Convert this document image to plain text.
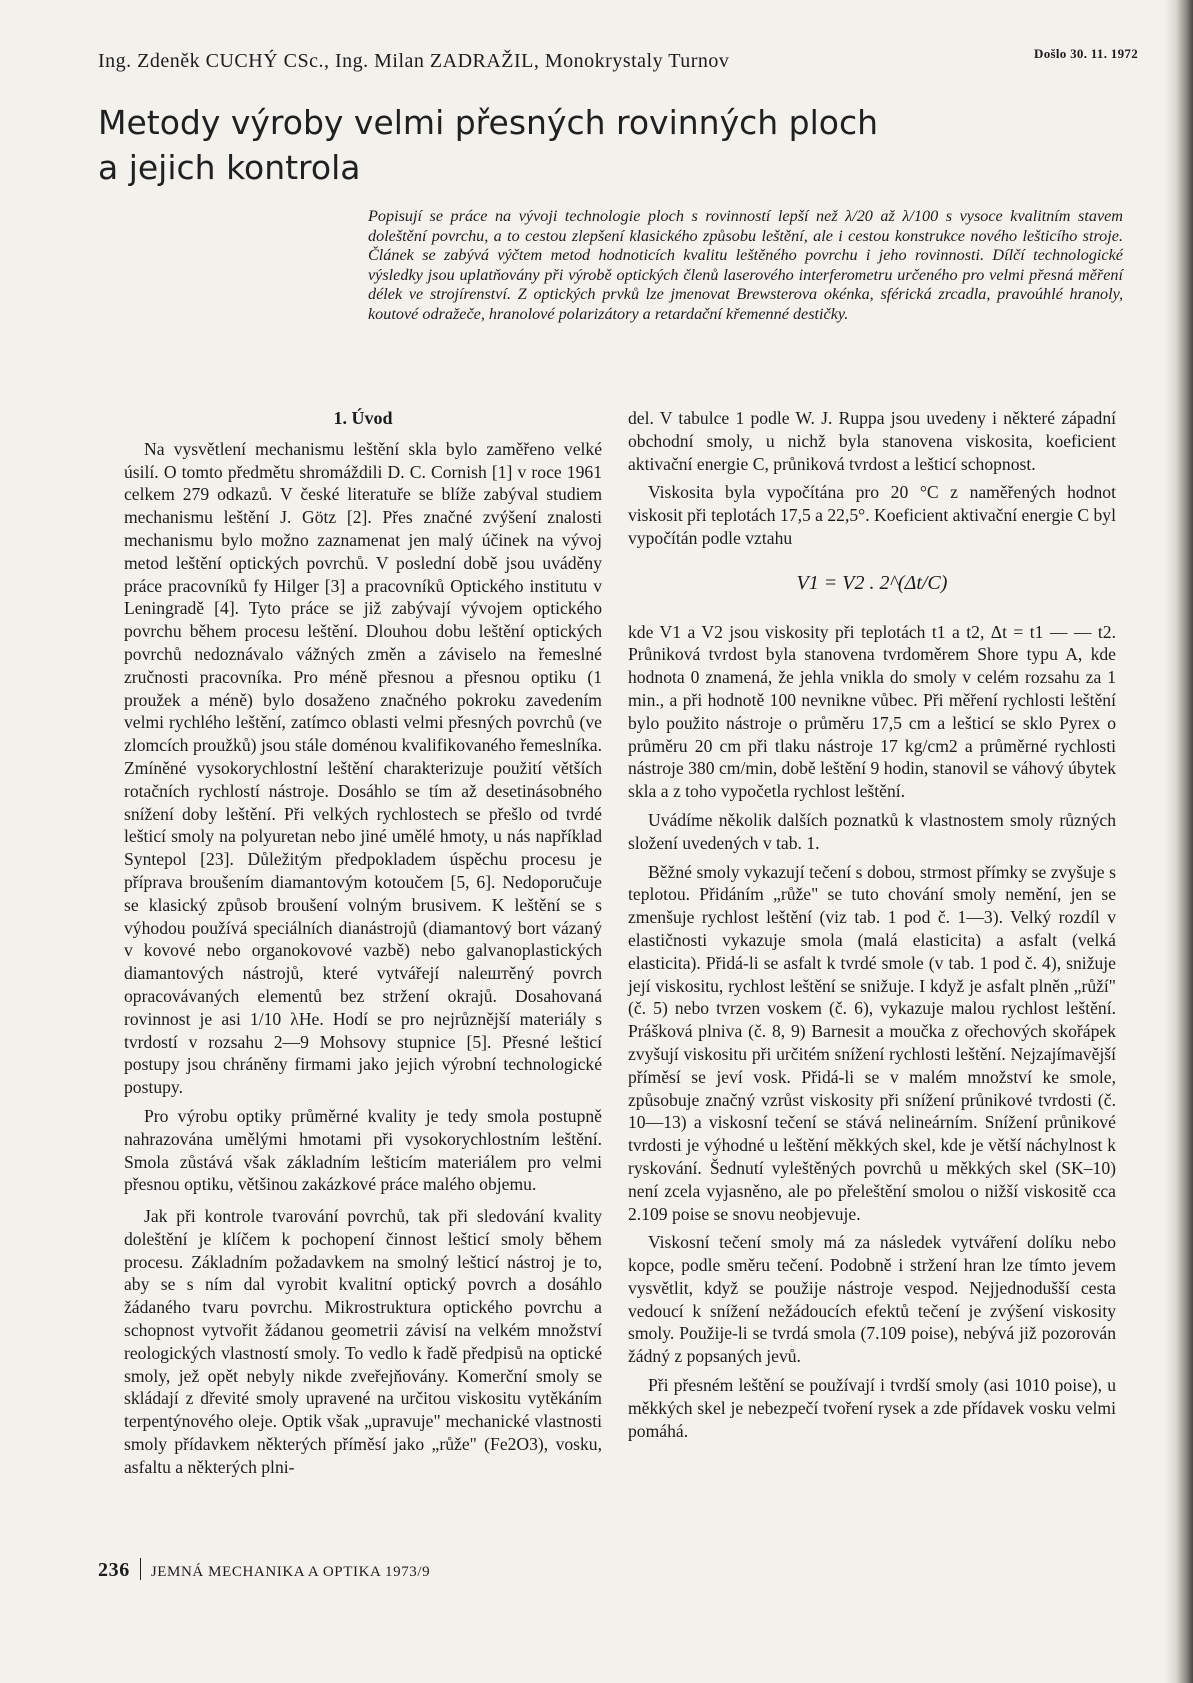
Ing. Zdeněk CUCHÝ CSc., Ing. Milan ZADRAŽIL, Monokrystaly Turnov	Došlo 30. 11. 1972
Metody výroby velmi přesných rovinných ploch
a jejich kontrola
Popisují se práce na vývoji technologie ploch s rovinností lepší než λ/20 až λ/100 s vysoce kvalitním stavem doleštění povrchu, a to cestou zlepšení klasického způsobu leštění, ale i cestou konstrukce nového lešticího stroje. Článek se zabývá výčtem metod hodnoticích kvalitu leštěného povrchu i jeho rovinnosti. Dílčí technologické výsledky jsou uplatňovány při výrobě optických členů laserového interferometru určeného pro velmi přesná měření délek ve strojírenství. Z optických prvků lze jmenovat Brewsterova okénka, sférická zrcadla, pravoúhlé hranoly, koutové odražeče, hranolové polarizátory a retardační křemenné destičky.
1. Úvod

Na vysvětlení mechanismu leštění skla bylo zaměřeno velké úsilí. O tomto předmětu shromáždili D. C. Cornish [1] v roce 1961 celkem 279 odkazů. V české literatuře se blíže zabýval studiem mechanismu leštění J. Götz [2]. Přes značné zvýšení znalosti mechanismu bylo možno zaznamenat jen malý účinek na vývoj metod leštění optických povrchů. V poslední době jsou uváděny práce pracovníků fy Hilger [3] a pracovníků Optického institutu v Leningradě [4]. Tyto práce se již zabývají vývojem optického povrchu během procesu leštění. Dlouhou dobu leštění optických povrchů nedoznávalo vážných změn a záviselo na řemeslné zručnosti pracovníka. Pro méně přesnou a přesnou optiku (1 proužek a méně) bylo dosaženo značného pokroku zavedením velmi rychlého leštění, zatímco oblasti velmi přesných povrchů (ve zlomcích proužků) jsou stále doménou kvalifikovaného řemeslníka. Zmíněné vysokorychlostní leštění charakterizuje použití větších rotačních rychlostí nástroje. Dosáhlo se tím až desetinásobného snížení doby leštění. Při velkých rychlostech se přešlo od tvrdé lešticí smoly na polyuretan nebo jiné umělé hmoty, u nás například Syntepol [23]. Důležitým předpokladem úspěchu procesu je příprava broušením diamantovým kotoučem [5, 6]. Nedoporučuje se klasický způsob broušení volným brusivem. K leštění se s výhodou používá speciálních dianástrojů (diamantový bort vázaný v kovové nebo organokovové vazbě) nebo galvanoplastických diamantových nástrojů, které vytvářejí nalештěný povrch opracovávaných elementů bez stržení okrajů. Dosahovaná rovinnost je asi 1/10 λHe. Hodí se pro nejrůznější materiály s tvrdostí v rozsahu 2—9 Mohsovy stupnice [5]. Přesné lešticí postupy jsou chráněny firmami jako jejich výrobní technologické postupy.

Pro výrobu optiky průměrné kvality je tedy smola postupně nahrazována umělými hmotami při vysokorychlostním leštění. Smola zůstává však základním lešticím materiálem pro velmi přesnou optiku, většinou zakázkové práce malého objemu.

Jak při kontrole tvarování povrchů, tak při sledování kvality doleštění je klíčem k pochopení činnost lešticí smoly během procesu. Základním požadavkem na smolný lešticí nástroj je to, aby se s ním dal vyrobit kvalitní optický povrch a dosáhlo žádaného tvaru povrchu. Mikrostruktura optického povrchu a schopnost vytvořit žádanou geometrii závisí na velkém množství reologických vlastností smoly. To vedlo k řadě předpisů na optické smoly, jež opět nebyly nikde zveřejňovány. Komerční smoly se skládají z dřevité smoly upravené na určitou viskositu vytěkáním terpentýnového oleje. Optik však „upravuje" mechanické vlastnosti smoly přídavkem některých příměsí jako „růže" (Fe2O3), vosku, asfaltu a některých plni-

del. V tabulce 1 podle W. J. Ruppa jsou uvedeny i některé západní obchodní smoly, u nichž byla stanovena viskosita, koeficient aktivační energie C, průniková tvrdost a lešticí schopnost.

Viskosita byla vypočítána pro 20 °C z naměřených hodnot viskosit při teplotách 17,5 a 22,5°. Koeficient aktivační energie C byl vypočítán podle vztahu

V1 = V2 . 2^(Δt/C)

kde V1 a V2 jsou viskosity při teplotách t1 a t2, Δt = t1 — — t2. Průniková tvrdost byla stanovena tvrdoměrem Shore typu A, kde hodnota 0 znamená, že jehla vnikla do smoly v celém rozsahu za 1 min., a při hodnotě 100 nevnikne vůbec. Při měření rychlosti leštění bylo použito nástroje o průměru 17,5 cm a lešticí se sklo Pyrex o průměru 20 cm při tlaku nástroje 17 kg/cm2 a průměrné rychlosti nástroje 380 cm/min, době leštění 9 hodin, stanovil se váhový úbytek skla a z toho vypočetla rychlost leštění.

Uvádíme několik dalších poznatků k vlastnostem smoly různých složení uvedených v tab. 1.

Běžné smoly vykazují tečení s dobou, strmost přímky se zvyšuje s teplotou. Přidáním „růže" se tuto chování smoly nemění, jen se zmenšuje rychlost leštění (viz tab. 1 pod č. 1—3). Velký rozdíl v elastičnosti vykazuje smola (malá elasticita) a asfalt (velká elasticita). Přidá-li se asfalt k tvrdé smole (v tab. 1 pod č. 4), snižuje její viskositu, rychlost leštění se snižuje. I když je asfalt plněn „růží" (č. 5) nebo tvrzen voskem (č. 6), vykazuje malou rychlost leštění. Prášková plniva (č. 8, 9) Barnesit a moučka z ořechových skořápek zvyšují viskositu při určitém snížení rychlosti leštění. Nejzajímavější příměsí se jeví vosk. Přidá-li se v malém množství ke smole, způsobuje značný vzrůst viskosity při snížení průnikové tvrdosti (č. 10—13) a viskosní tečení se stává nelineárním. Snížení průnikové tvrdosti je výhodné u leštění měkkých skel, kde je větší náchylnost k ryskování. Šednutí vyleštěných povrchů u měkkých skel (SK–10) není zcela vyjasněno, ale po přeleštění smolou o nižší viskositě cca 2.109 poise se snovu neobjevuje.

Viskosní tečení smoly má za následek vytváření dolíku nebo kopce, podle směru tečení. Podobně i stržení hran lze tímto jevem vysvětlit, když se použije nástroje vespod. Nejjednodušší cesta vedoucí k snížení nežádoucích efektů tečení je zvýšení viskosity smoly. Použije-li se tvrdá smola (7.109 poise), nebývá již pozorován žádný z popsaných jevů.

Při přesném leštění se používají i tvrdší smoly (asi 1010 poise), u měkkých skel je nebezpečí tvoření rysek a zde přídavek vosku velmi pomáhá.

236 JEMNÁ MECHANIKA A OPTIKA 1973/9
